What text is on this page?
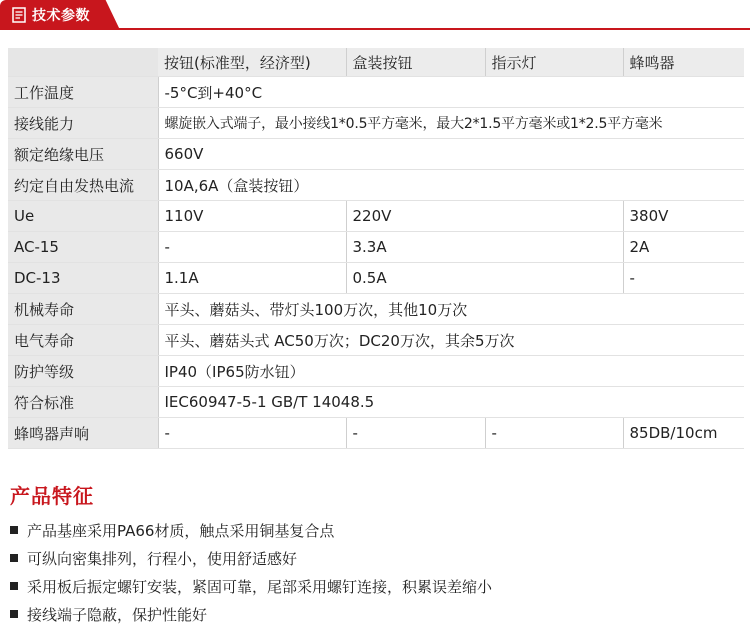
技术参数
	按钮(标准型，经济型)	盒装按钮	指示灯	蜂鸣器
工作温度	-5°C到+40°C			
接线能力	螺旋嵌入式端子，最小接线1*0.5平方毫米，最大2*1.5平方毫米或1*2.5平方毫米			
额定绝缘电压	660V			
约定自由发热电流	10A,6A（盒装按钮）			
Ue	110V	220V		380V
AC-15	-	3.3A		2A
DC-13	1.1A	0.5A		-
机械寿命	平头、蘑菇头、带灯头100万次，其他10万次			
电气寿命	平头、蘑菇头式 AC50万次；DC20万次，其余5万次			
防护等级	IP40（IP65防水钮）			
符合标准	IEC60947-5-1 GB/T 14048.5			
蜂鸣器声响	-	-	-	85DB/10cm
产品特征
产品基座采用PA66材质，触点采用铜基复合点
可纵向密集排列，行程小，使用舒适感好
采用板后振定螺钉安装，紧固可靠，尾部采用螺钉连接，积累误差缩小
接线端子隐蔽，保护性能好
